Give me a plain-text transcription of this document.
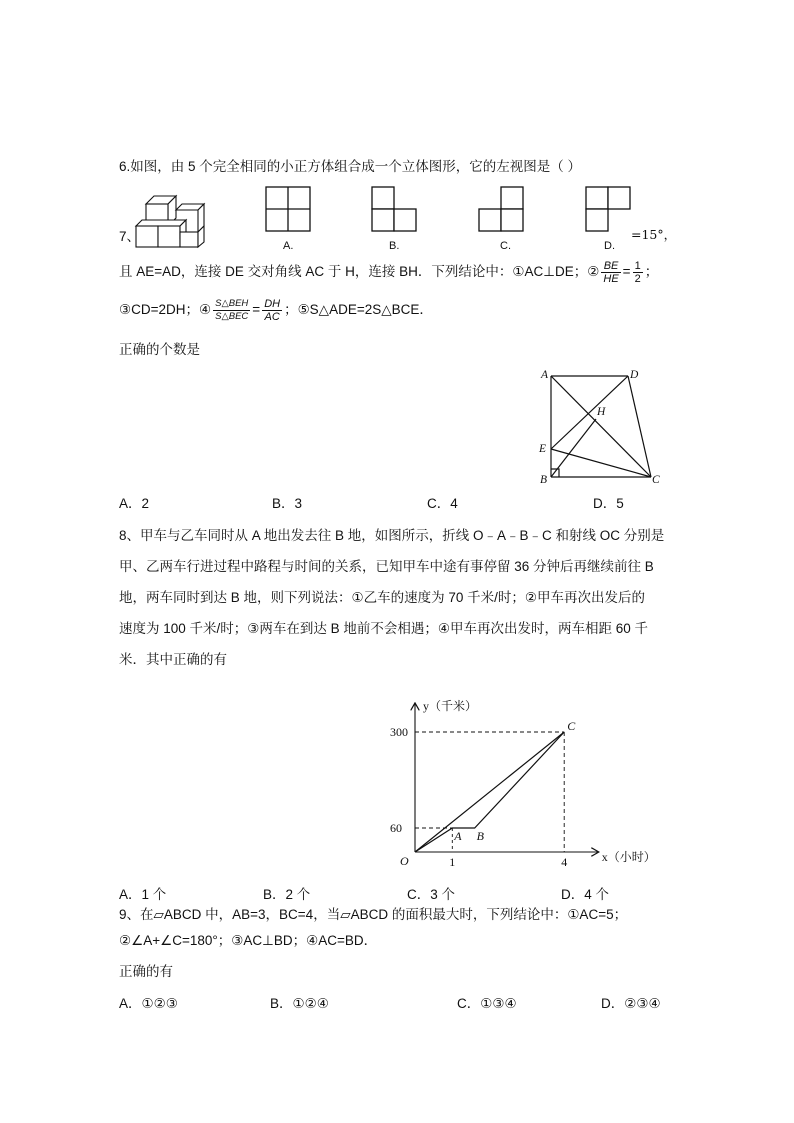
6.如图，由 5 个完全相同的小正方体组合成一个立体图形，它的左视图是（ ）
7、
A.	B.	C.	D.
=15°，
且 AE=AD，连接 DE 交对角线 AC 于 H，连接 BH．下列结论中：①AC⊥DE；② $\frac{BE}{HE} = \frac{1}{2}$ ；
③CD=2DH；④ $\frac{\text{S△BEH}}{\text{S△BEC}} = \frac{DH}{AC}$ ；⑤S△ADE=2S△BCE．
正确的个数是
A	D
H
E
B	C
A．2	B．3	C．4	D．5
8、甲车与乙车同时从 A 地出发去往 B 地，如图所示，折线 O﹣A﹣B﹣C 和射线 OC 分别是
甲、乙两车行进过程中路程与时间的关系，已知甲车中途有事停留 36 分钟后再继续前往 B
地，两车同时到达 B 地，则下列说法：①乙车的速度为 70 千米/时；②甲车再次出发后的
速度为 100 千米/时；③两车在到达 B 地前不会相遇；④甲车再次出发时，两车相距 60 千
米．其中正确的有
x（小时）
y（千米）
O
60
300
1	4
A B
C
A．1 个	B．2 个	C．3 个	D．4 个
9、在▱ABCD 中，AB=3，BC=4，当▱ABCD 的面积最大时，下列结论中：①AC=5；
②∠A+∠C=180°；③AC⊥BD；④AC=BD．
正确的有
A．①②③	B．①②④	C．①③④	D．②③④
